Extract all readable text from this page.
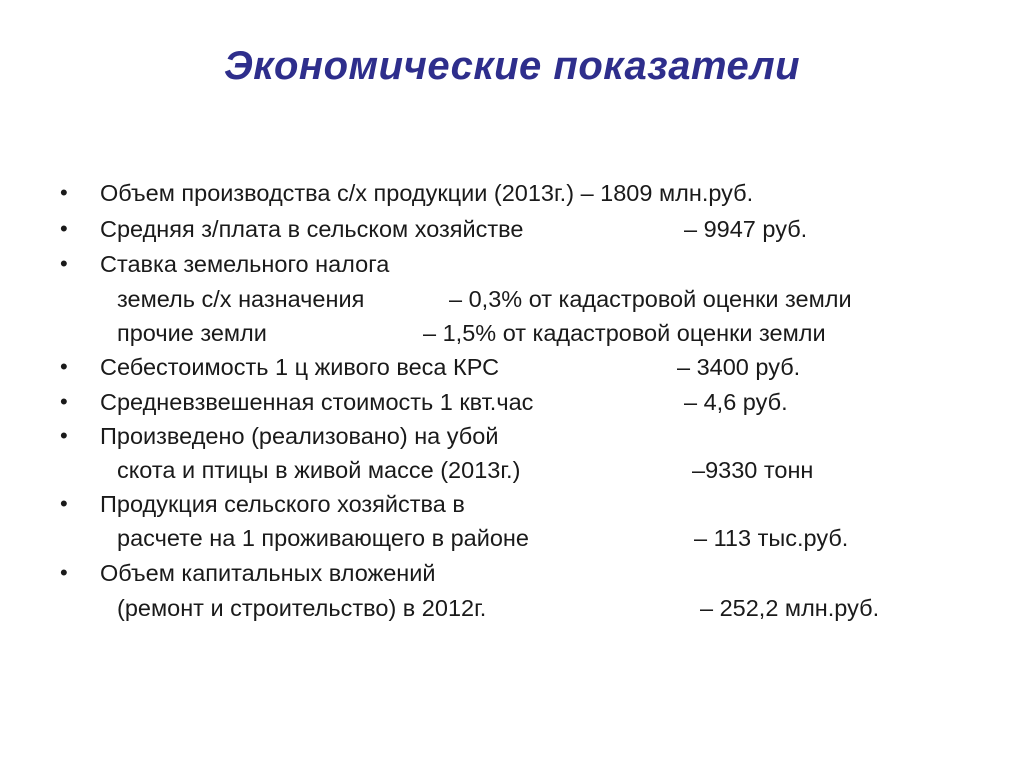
Экономические показатели
• Объем производства с/х продукции (2013г.) – 1809 млн.руб.
• Средняя з/плата в сельском хозяйстве	– 9947 руб.
• Ставка земельного налога
земель с/х назначения	– 0,3% от кадастровой оценки земли
прочие земли	– 1,5% от кадастровой оценки земли
• Себестоимость 1 ц живого веса КРС	– 3400 руб.
• Средневзвешенная стоимость 1 квт.час	– 4,6 руб.
• Произведено (реализовано) на убой
скота и птицы в живой массе (2013г.)	–9330 тонн
• Продукция сельского хозяйства в
расчете на 1 проживающего в районе	– 113 тыс.руб.
• Объем капитальных вложений
(ремонт и строительство) в 2012г.	– 252,2 млн.руб.
